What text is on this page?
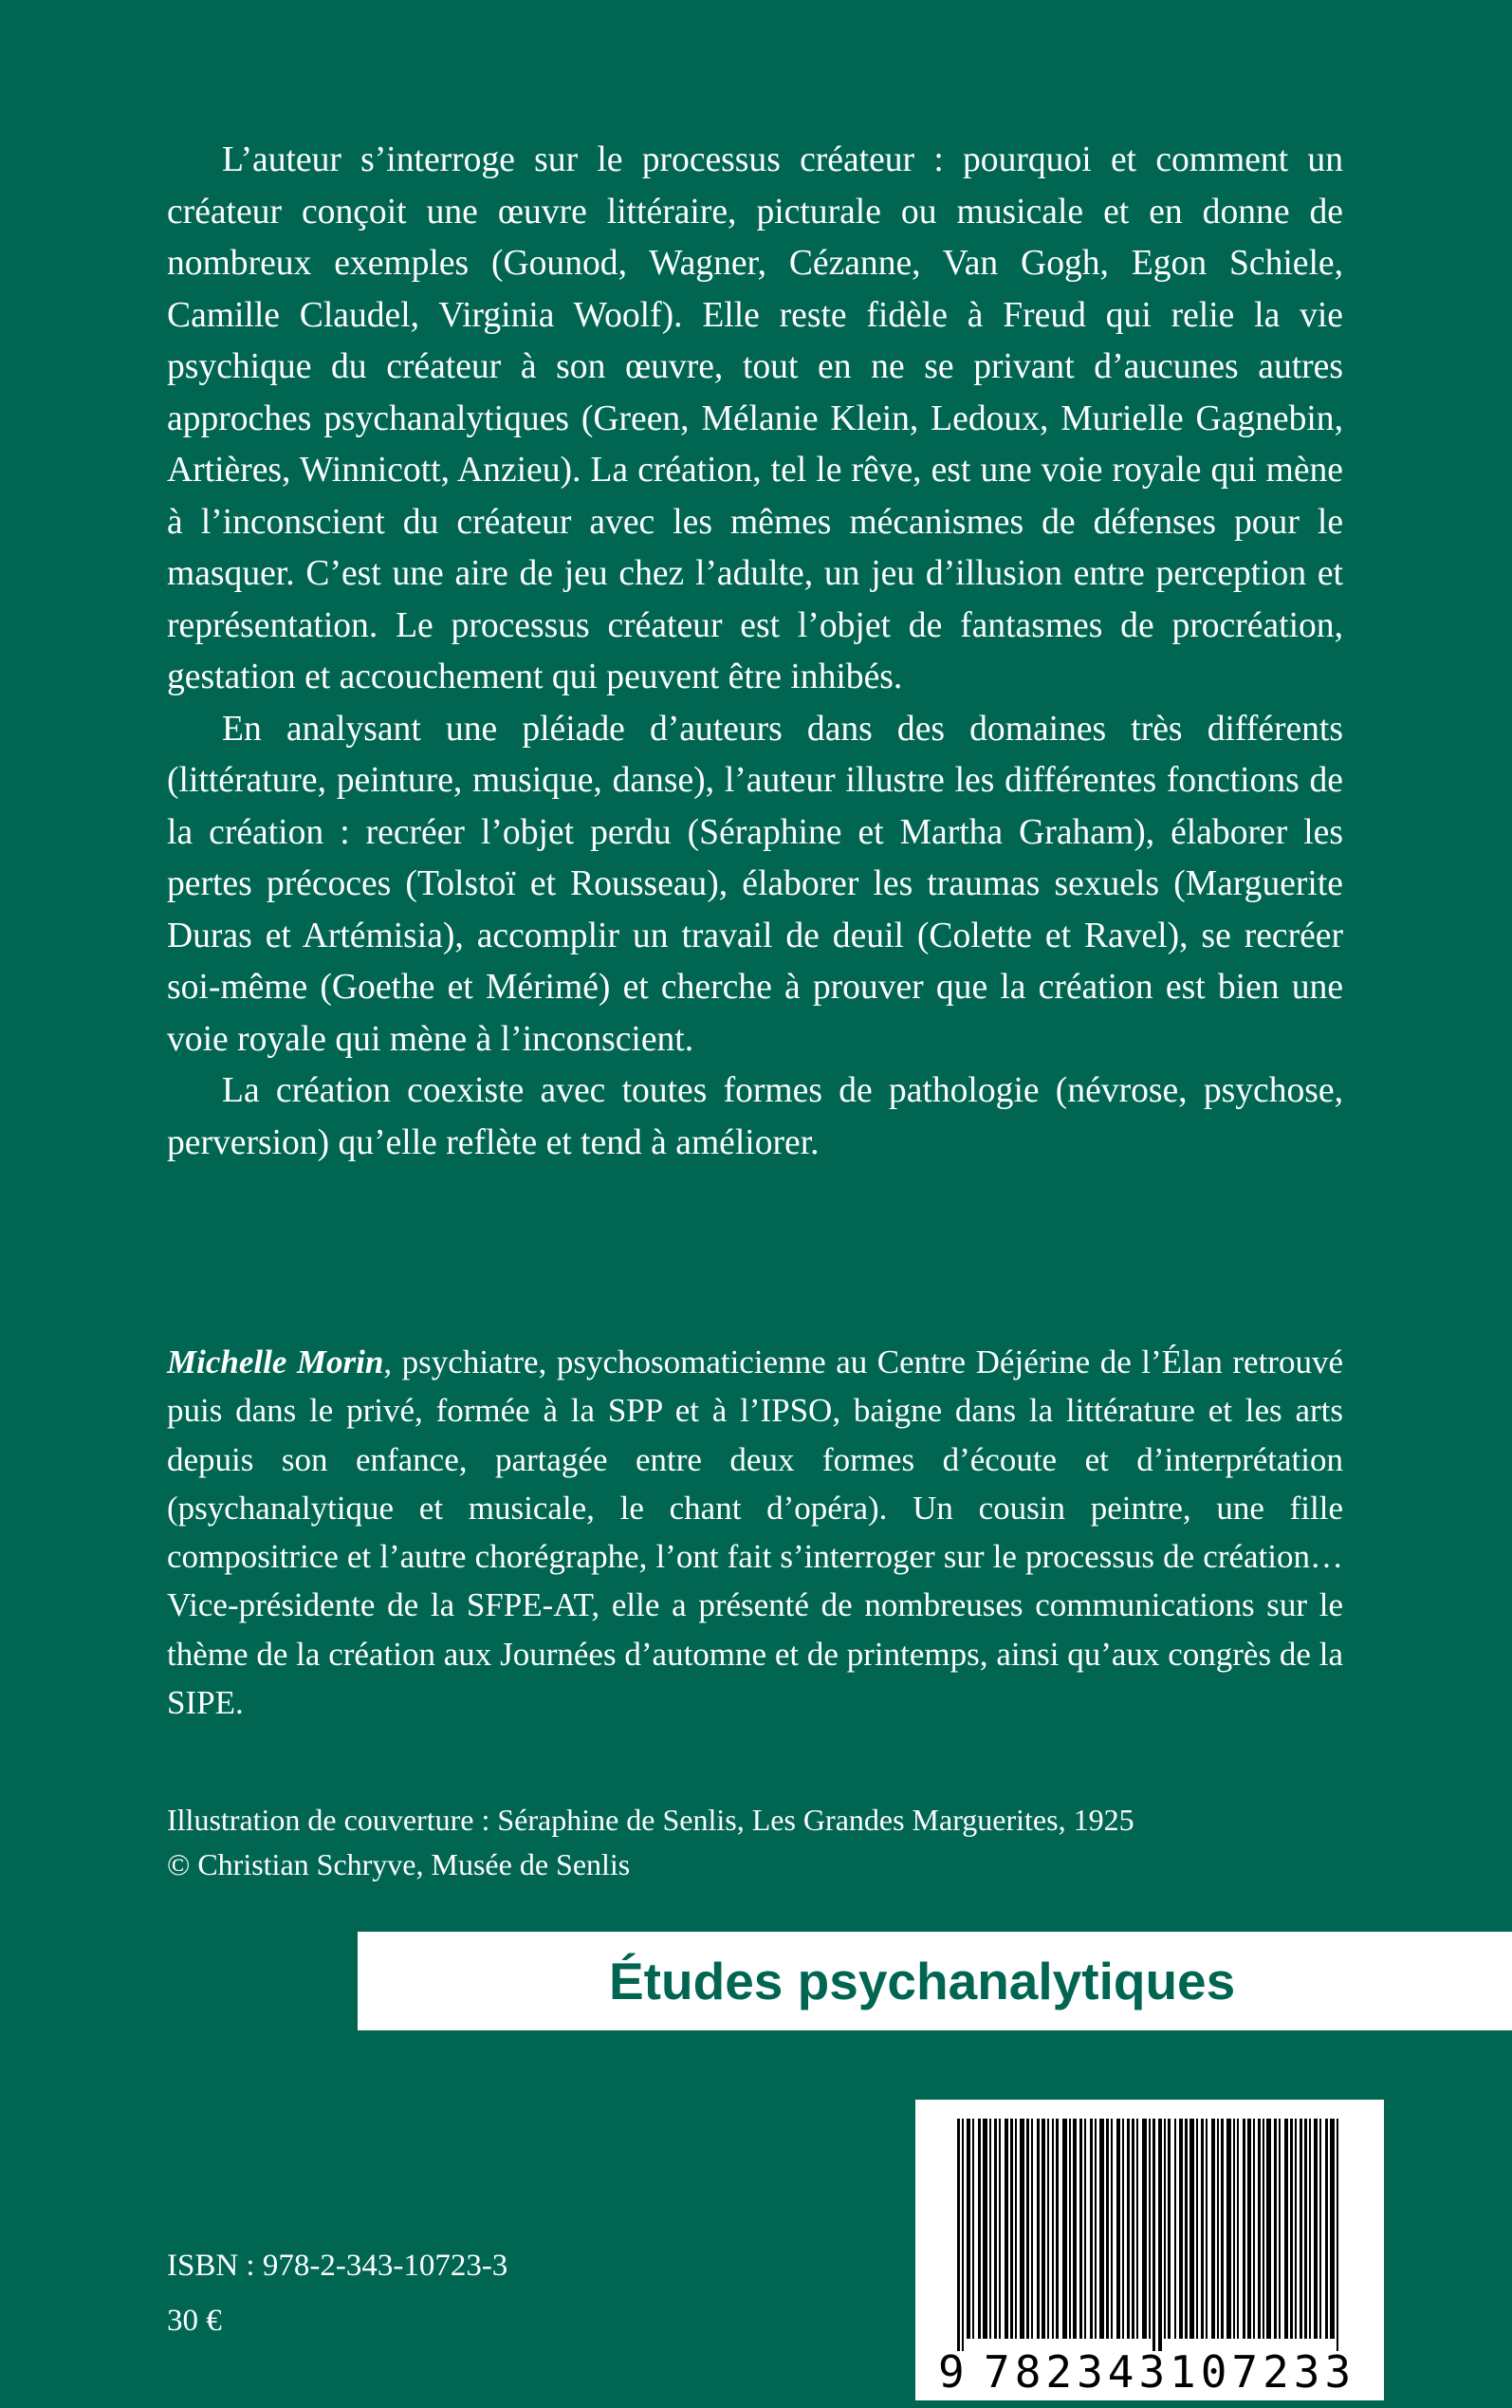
L’auteur s’interroge sur le processus créateur : pourquoi et comment un créateur conçoit une œuvre littéraire, picturale ou musicale et en donne de nombreux exemples (Gounod, Wagner, Cézanne, Van Gogh, Egon Schiele, Camille Claudel, Virginia Woolf). Elle reste fidèle à Freud qui relie la vie psychique du créateur à son œuvre, tout en ne se privant d’aucunes autres approches psychanalytiques (Green, Mélanie Klein, Ledoux, Murielle Gagnebin, Artières, Winnicott, Anzieu). La création, tel le rêve, est une voie royale qui mène à l’inconscient du créateur avec les mêmes mécanismes de défenses pour le masquer. C’est une aire de jeu chez l’adulte, un jeu d’illusion entre perception et représentation. Le processus créateur est l’objet de fantasmes de procréation, gestation et accouchement qui peuvent être inhibés.

En analysant une pléiade d’auteurs dans des domaines très différents (littérature, peinture, musique, danse), l’auteur illustre les différentes fonctions de la création : recréer l’objet perdu (Séraphine et Martha Graham), élaborer les pertes précoces (Tolstoï et Rousseau), élaborer les traumas sexuels (Marguerite Duras et Artémisia), accomplir un travail de deuil (Colette et Ravel), se recréer soi-même (Goethe et Mérimé) et cherche à prouver que la création est bien une voie royale qui mène à l’inconscient.

La création coexiste avec toutes formes de pathologie (névrose, psychose, perversion) qu’elle reflète et tend à améliorer.

Michelle Morin, psychiatre, psychosomaticienne au Centre Déjérine de l’Élan retrouvé puis dans le privé, formée à la SPP et à l’IPSO, baigne dans la littérature et les arts depuis son enfance, partagée entre deux formes d’écoute et d’interprétation (psychanalytique et musicale, le chant d’opéra). Un cousin peintre, une fille compositrice et l’autre chorégraphe, l’ont fait s’interroger sur le processus de création… Vice-présidente de la SFPE-AT, elle a présenté de nombreuses communications sur le thème de la création aux Journées d’automne et de printemps, ainsi qu’aux congrès de la SIPE.

Illustration de couverture : Séraphine de Senlis, Les Grandes Marguerites, 1925
© Christian Schryve, Musée de Senlis
Études psychanalytiques
9 782343 107233
ISBN : 978-2-343-10723-3
30 €
